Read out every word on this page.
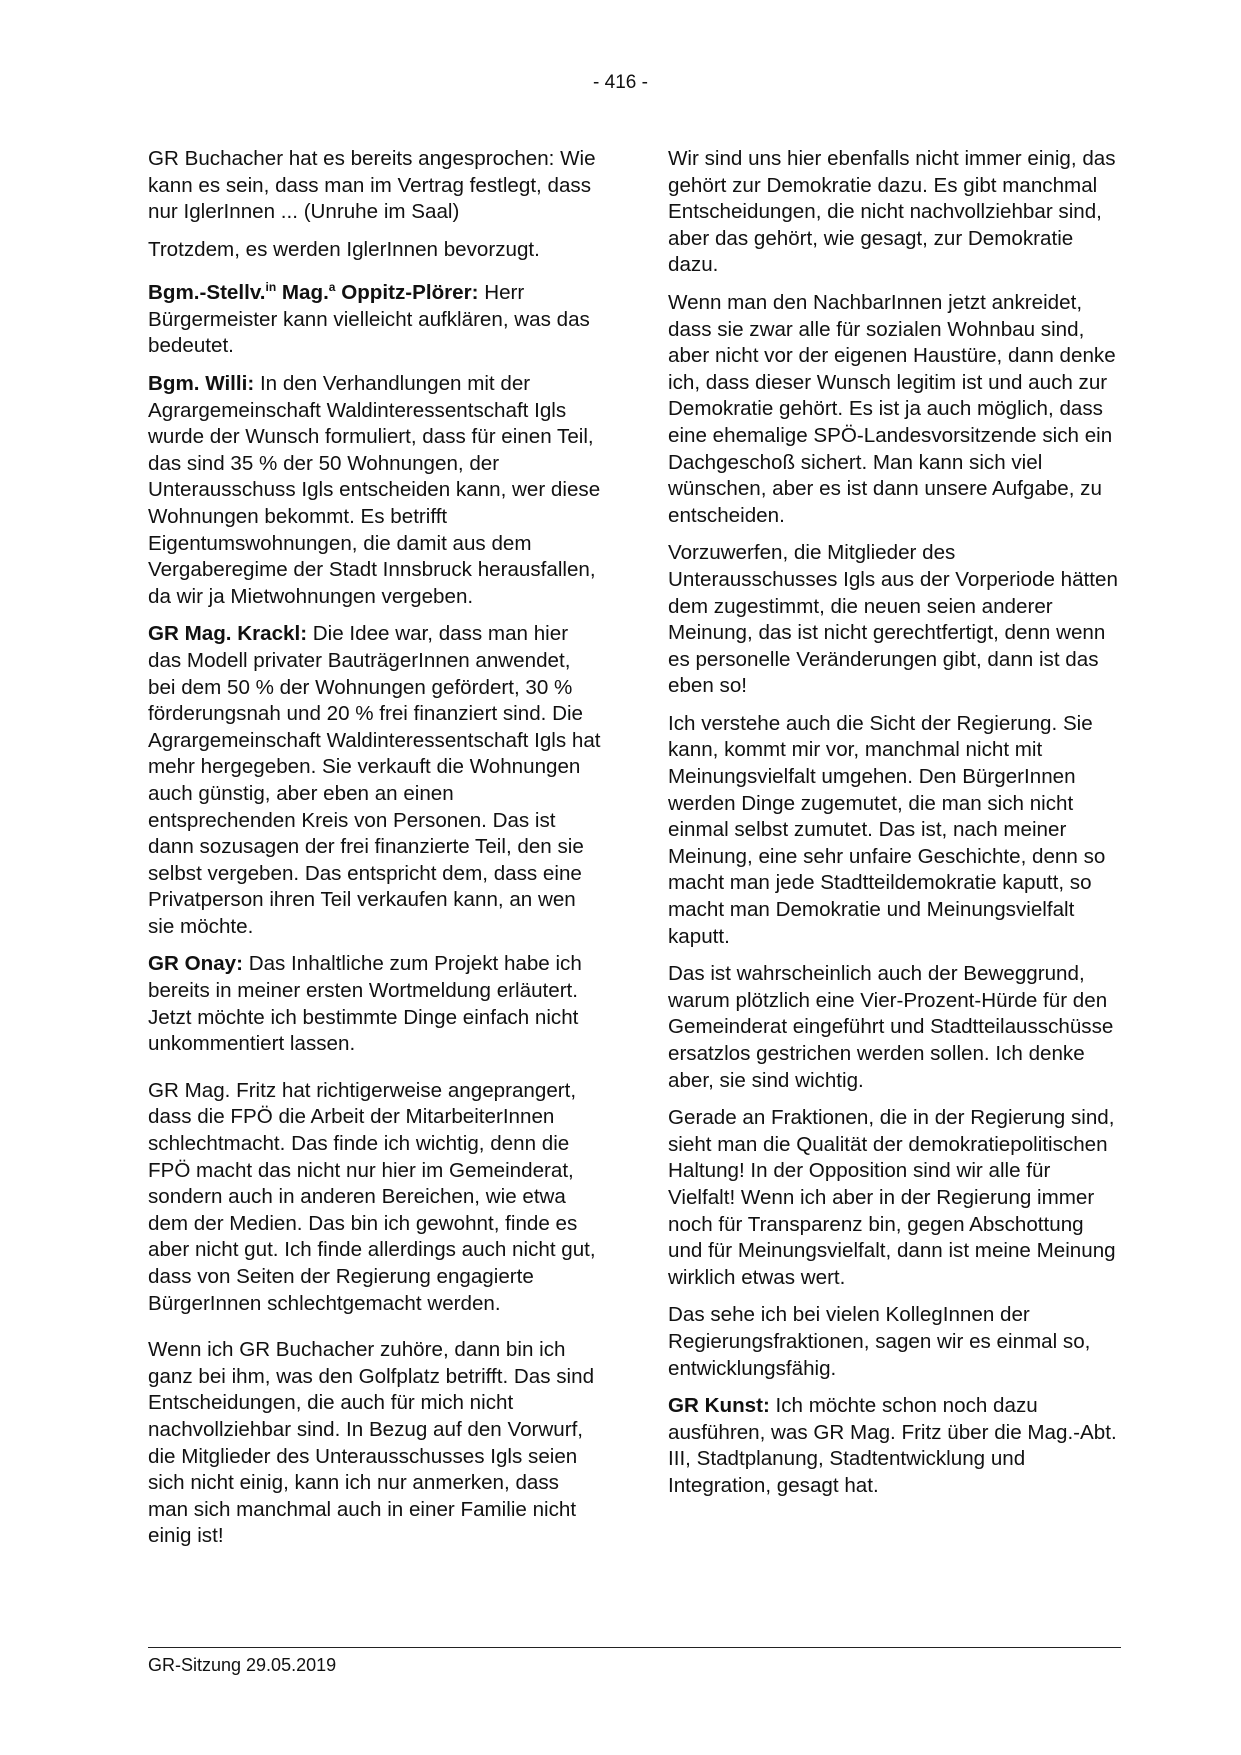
- 416 -

GR Buchacher hat es bereits angesprochen: Wie kann es sein, dass man im Vertrag festlegt, dass nur IglerInnen ... (Unruhe im Saal)

Trotzdem, es werden IglerInnen bevorzugt.

Bgm.-Stellv.$^{in}$ Mag.$^a$ Oppitz-Plörer: Herr Bürgermeister kann vielleicht aufklären, was das bedeutet.

Bgm. Willi: In den Verhandlungen mit der Agrargemeinschaft Waldinteressentschaft Igls wurde der Wunsch formuliert, dass für einen Teil, das sind 35 % der 50 Wohnungen, der Unterausschuss Igls entscheiden kann, wer diese Wohnungen bekommt. Es betrifft Eigentumswohnungen, die damit aus dem Vergaberegime der Stadt Innsbruck herausfallen, da wir ja Mietwohnungen vergeben.

GR Mag. Krackl: Die Idee war, dass man hier das Modell privater BauträgerInnen anwendet, bei dem 50 % der Wohnungen gefördert, 30 % förderungsnah und 20 % frei finanziert sind. Die Agrargemeinschaft Waldinteressentschaft Igls hat mehr hergegeben. Sie verkauft die Wohnungen auch günstig, aber eben an einen entsprechenden Kreis von Personen. Das ist dann sozusagen der frei finanzierte Teil, den sie selbst vergeben. Das entspricht dem, dass eine Privatperson ihren Teil verkaufen kann, an wen sie möchte.

GR Onay: Das Inhaltliche zum Projekt habe ich bereits in meiner ersten Wortmeldung erläutert. Jetzt möchte ich bestimmte Dinge einfach nicht unkommentiert lassen.

GR Mag. Fritz hat richtigerweise angeprangert, dass die FPÖ die Arbeit der MitarbeiterInnen schlechtmacht. Das finde ich wichtig, denn die FPÖ macht das nicht nur hier im Gemeinderat, sondern auch in anderen Bereichen, wie etwa dem der Medien. Das bin ich gewohnt, finde es aber nicht gut. Ich finde allerdings auch nicht gut, dass von Seiten der Regierung engagierte BürgerInnen schlechtgemacht werden.

Wenn ich GR Buchacher zuhöre, dann bin ich ganz bei ihm, was den Golfplatz betrifft. Das sind Entscheidungen, die auch für mich nicht nachvollziehbar sind. In Bezug auf den Vorwurf, die Mitglieder des Unterausschusses Igls seien sich nicht einig, kann ich nur anmerken, dass man sich manchmal auch in einer Familie nicht einig ist!

Wir sind uns hier ebenfalls nicht immer einig, das gehört zur Demokratie dazu. Es gibt manchmal Entscheidungen, die nicht nachvollziehbar sind, aber das gehört, wie gesagt, zur Demokratie dazu.

Wenn man den NachbarInnen jetzt ankreidet, dass sie zwar alle für sozialen Wohnbau sind, aber nicht vor der eigenen Haustüre, dann denke ich, dass dieser Wunsch legitim ist und auch zur Demokratie gehört. Es ist ja auch möglich, dass eine ehemalige SPÖ-Landesvorsitzende sich ein Dachgeschoß sichert. Man kann sich viel wünschen, aber es ist dann unsere Aufgabe, zu entscheiden.

Vorzuwerfen, die Mitglieder des Unterausschusses Igls aus der Vorperiode hätten dem zugestimmt, die neuen seien anderer Meinung, das ist nicht gerechtfertigt, denn wenn es personelle Veränderungen gibt, dann ist das eben so!

Ich verstehe auch die Sicht der Regierung. Sie kann, kommt mir vor, manchmal nicht mit Meinungsvielfalt umgehen. Den BürgerInnen werden Dinge zugemutet, die man sich nicht einmal selbst zumutet. Das ist, nach meiner Meinung, eine sehr unfaire Geschichte, denn so macht man jede Stadtteildemokratie kaputt, so macht man Demokratie und Meinungsvielfalt kaputt.

Das ist wahrscheinlich auch der Beweggrund, warum plötzlich eine Vier-Prozent-Hürde für den Gemeinderat eingeführt und Stadtteilausschüsse ersatzlos gestrichen werden sollen. Ich denke aber, sie sind wichtig.

Gerade an Fraktionen, die in der Regierung sind, sieht man die Qualität der demokratiepolitischen Haltung! In der Opposition sind wir alle für Vielfalt! Wenn ich aber in der Regierung immer noch für Transparenz bin, gegen Abschottung und für Meinungsvielfalt, dann ist meine Meinung wirklich etwas wert.

Das sehe ich bei vielen KollegInnen der Regierungsfraktionen, sagen wir es einmal so, entwicklungsfähig.

GR Kunst: Ich möchte schon noch dazu ausführen, was GR Mag. Fritz über die Mag.-Abt. III, Stadtplanung, Stadtentwicklung und Integration, gesagt hat.

GR-Sitzung 29.05.2019
